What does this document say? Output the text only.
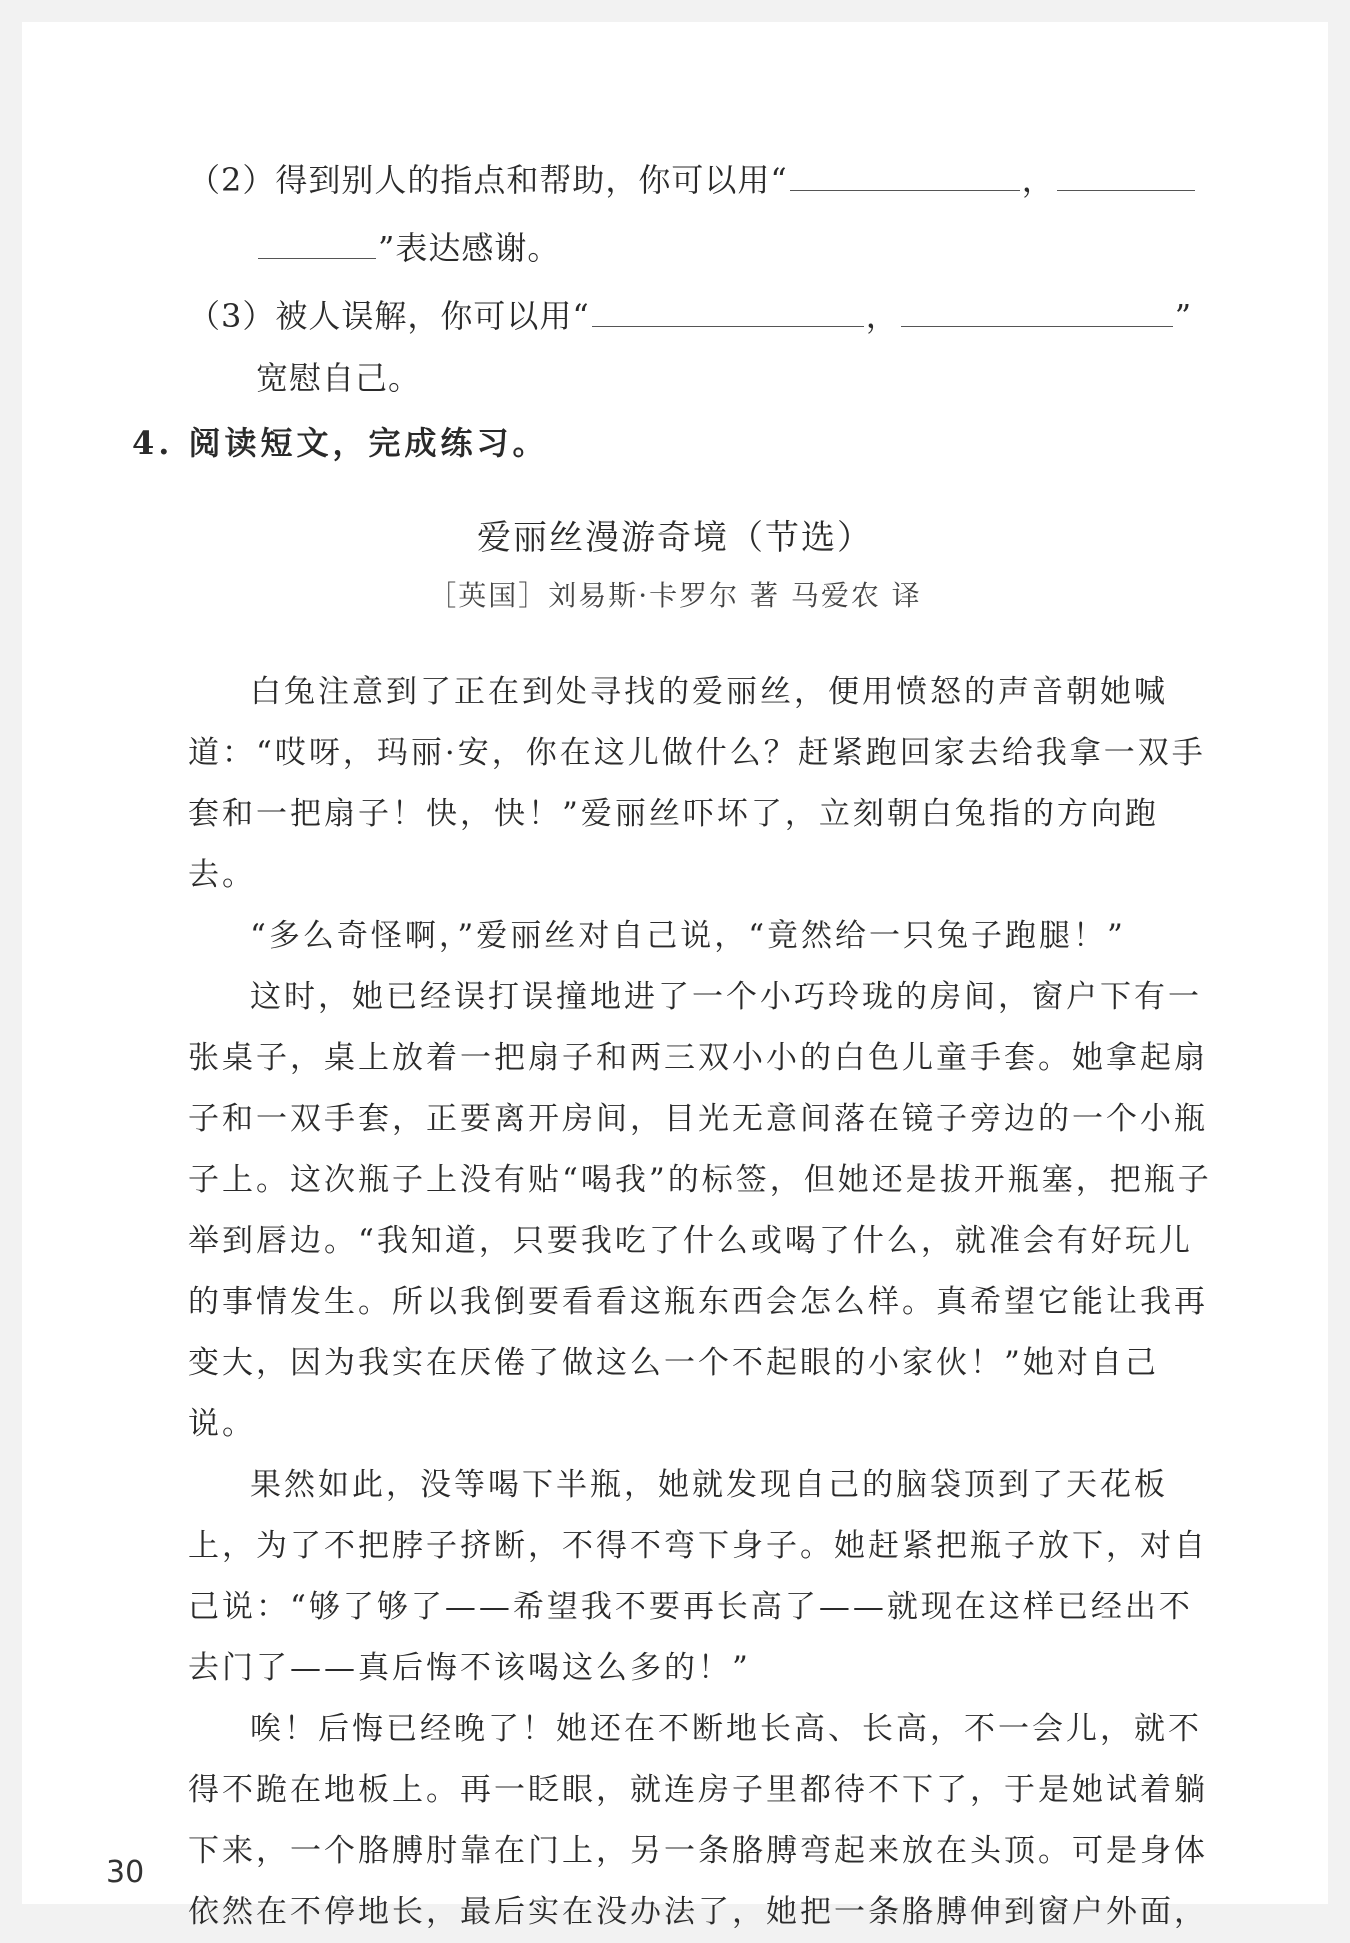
（2）得到别人的指点和帮助，你可以用“	，
”表达感谢。
（3）被人误解，你可以用“	，	”
宽慰自己。
4. 阅读短文，完成练习。
爱丽丝漫游奇境（节选）
［英国］刘易斯·卡罗尔 著 马爱农 译

白兔注意到了正在到处寻找的爱丽丝，便用愤怒的声音朝她喊道：“哎呀，玛丽·安，你在这儿做什么？赶紧跑回家去给我拿一双手套和一把扇子！快，快！”爱丽丝吓坏了，立刻朝白兔指的方向跑去。

“多么奇怪啊，”爱丽丝对自己说，“竟然给一只兔子跑腿！”

这时，她已经误打误撞地进了一个小巧玲珑的房间，窗户下有一张桌子，桌上放着一把扇子和两三双小小的白色儿童手套。她拿起扇子和一双手套，正要离开房间，目光无意间落在镜子旁边的一个小瓶子上。这次瓶子上没有贴“喝我”的标签，但她还是拔开瓶塞，把瓶子举到唇边。“我知道，只要我吃了什么或喝了什么，就准会有好玩儿的事情发生。所以我倒要看看这瓶东西会怎么样。真希望它能让我再变大，因为我实在厌倦了做这么一个不起眼的小家伙！”她对自己说。

果然如此，没等喝下半瓶，她就发现自己的脑袋顶到了天花板上，为了不把脖子挤断，不得不弯下身子。她赶紧把瓶子放下，对自己说：“够了够了——希望我不要再长高了——就现在这样已经出不去门了——真后悔不该喝这么多的！”

唉！后悔已经晚了！她还在不断地长高、长高，不一会儿，就不得不跪在地板上。再一眨眼，就连房子里都待不下了，于是她试着躺下来，一个胳膊肘靠在门上，另一条胳膊弯起来放在头顶。可是身体依然在不停地长，最后实在没办法了，她把一条胳膊伸到窗户外面，

30
